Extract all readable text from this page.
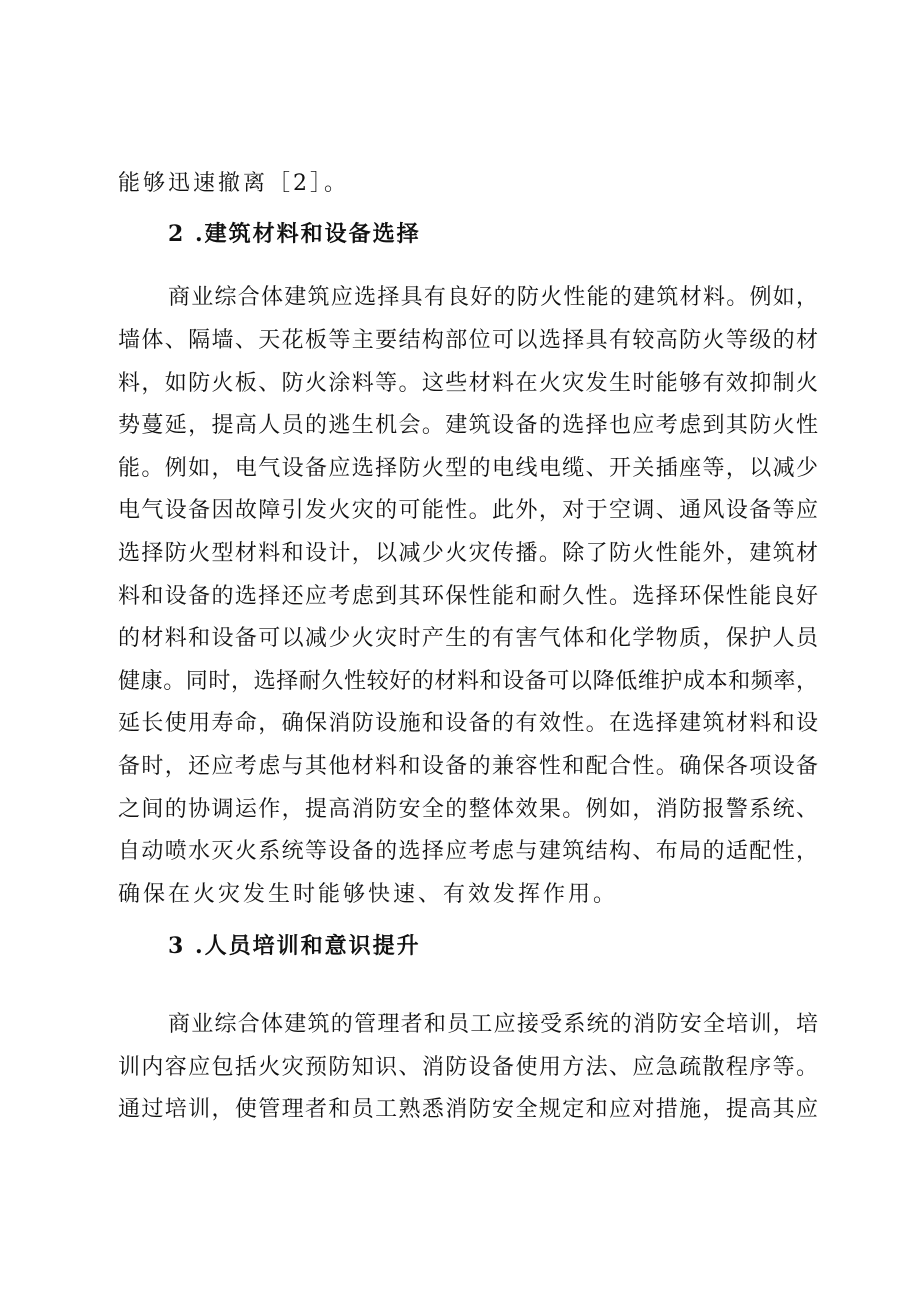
能够迅速撤离［2］。
2 .建筑材料和设备选择
商业综合体建筑应选择具有良好的防火性能的建筑材料。例如，
墙体、隔墙、天花板等主要结构部位可以选择具有较高防火等级的材
料，如防火板、防火涂料等。这些材料在火灾发生时能够有效抑制火
势蔓延，提高人员的逃生机会。建筑设备的选择也应考虑到其防火性
能。例如，电气设备应选择防火型的电线电缆、开关插座等，以减少
电气设备因故障引发火灾的可能性。此外，对于空调、通风设备等应
选择防火型材料和设计，以减少火灾传播。除了防火性能外，建筑材
料和设备的选择还应考虑到其环保性能和耐久性。选择环保性能良好
的材料和设备可以减少火灾时产生的有害气体和化学物质，保护人员
健康。同时，选择耐久性较好的材料和设备可以降低维护成本和频率，
延长使用寿命，确保消防设施和设备的有效性。在选择建筑材料和设
备时，还应考虑与其他材料和设备的兼容性和配合性。确保各项设备
之间的协调运作，提高消防安全的整体效果。例如，消防报警系统、
自动喷水灭火系统等设备的选择应考虑与建筑结构、布局的适配性，
确保在火灾发生时能够快速、有效发挥作用。
3 .人员培训和意识提升
商业综合体建筑的管理者和员工应接受系统的消防安全培训，培
训内容应包括火灾预防知识、消防设备使用方法、应急疏散程序等。
通过培训，使管理者和员工熟悉消防安全规定和应对措施，提高其应
